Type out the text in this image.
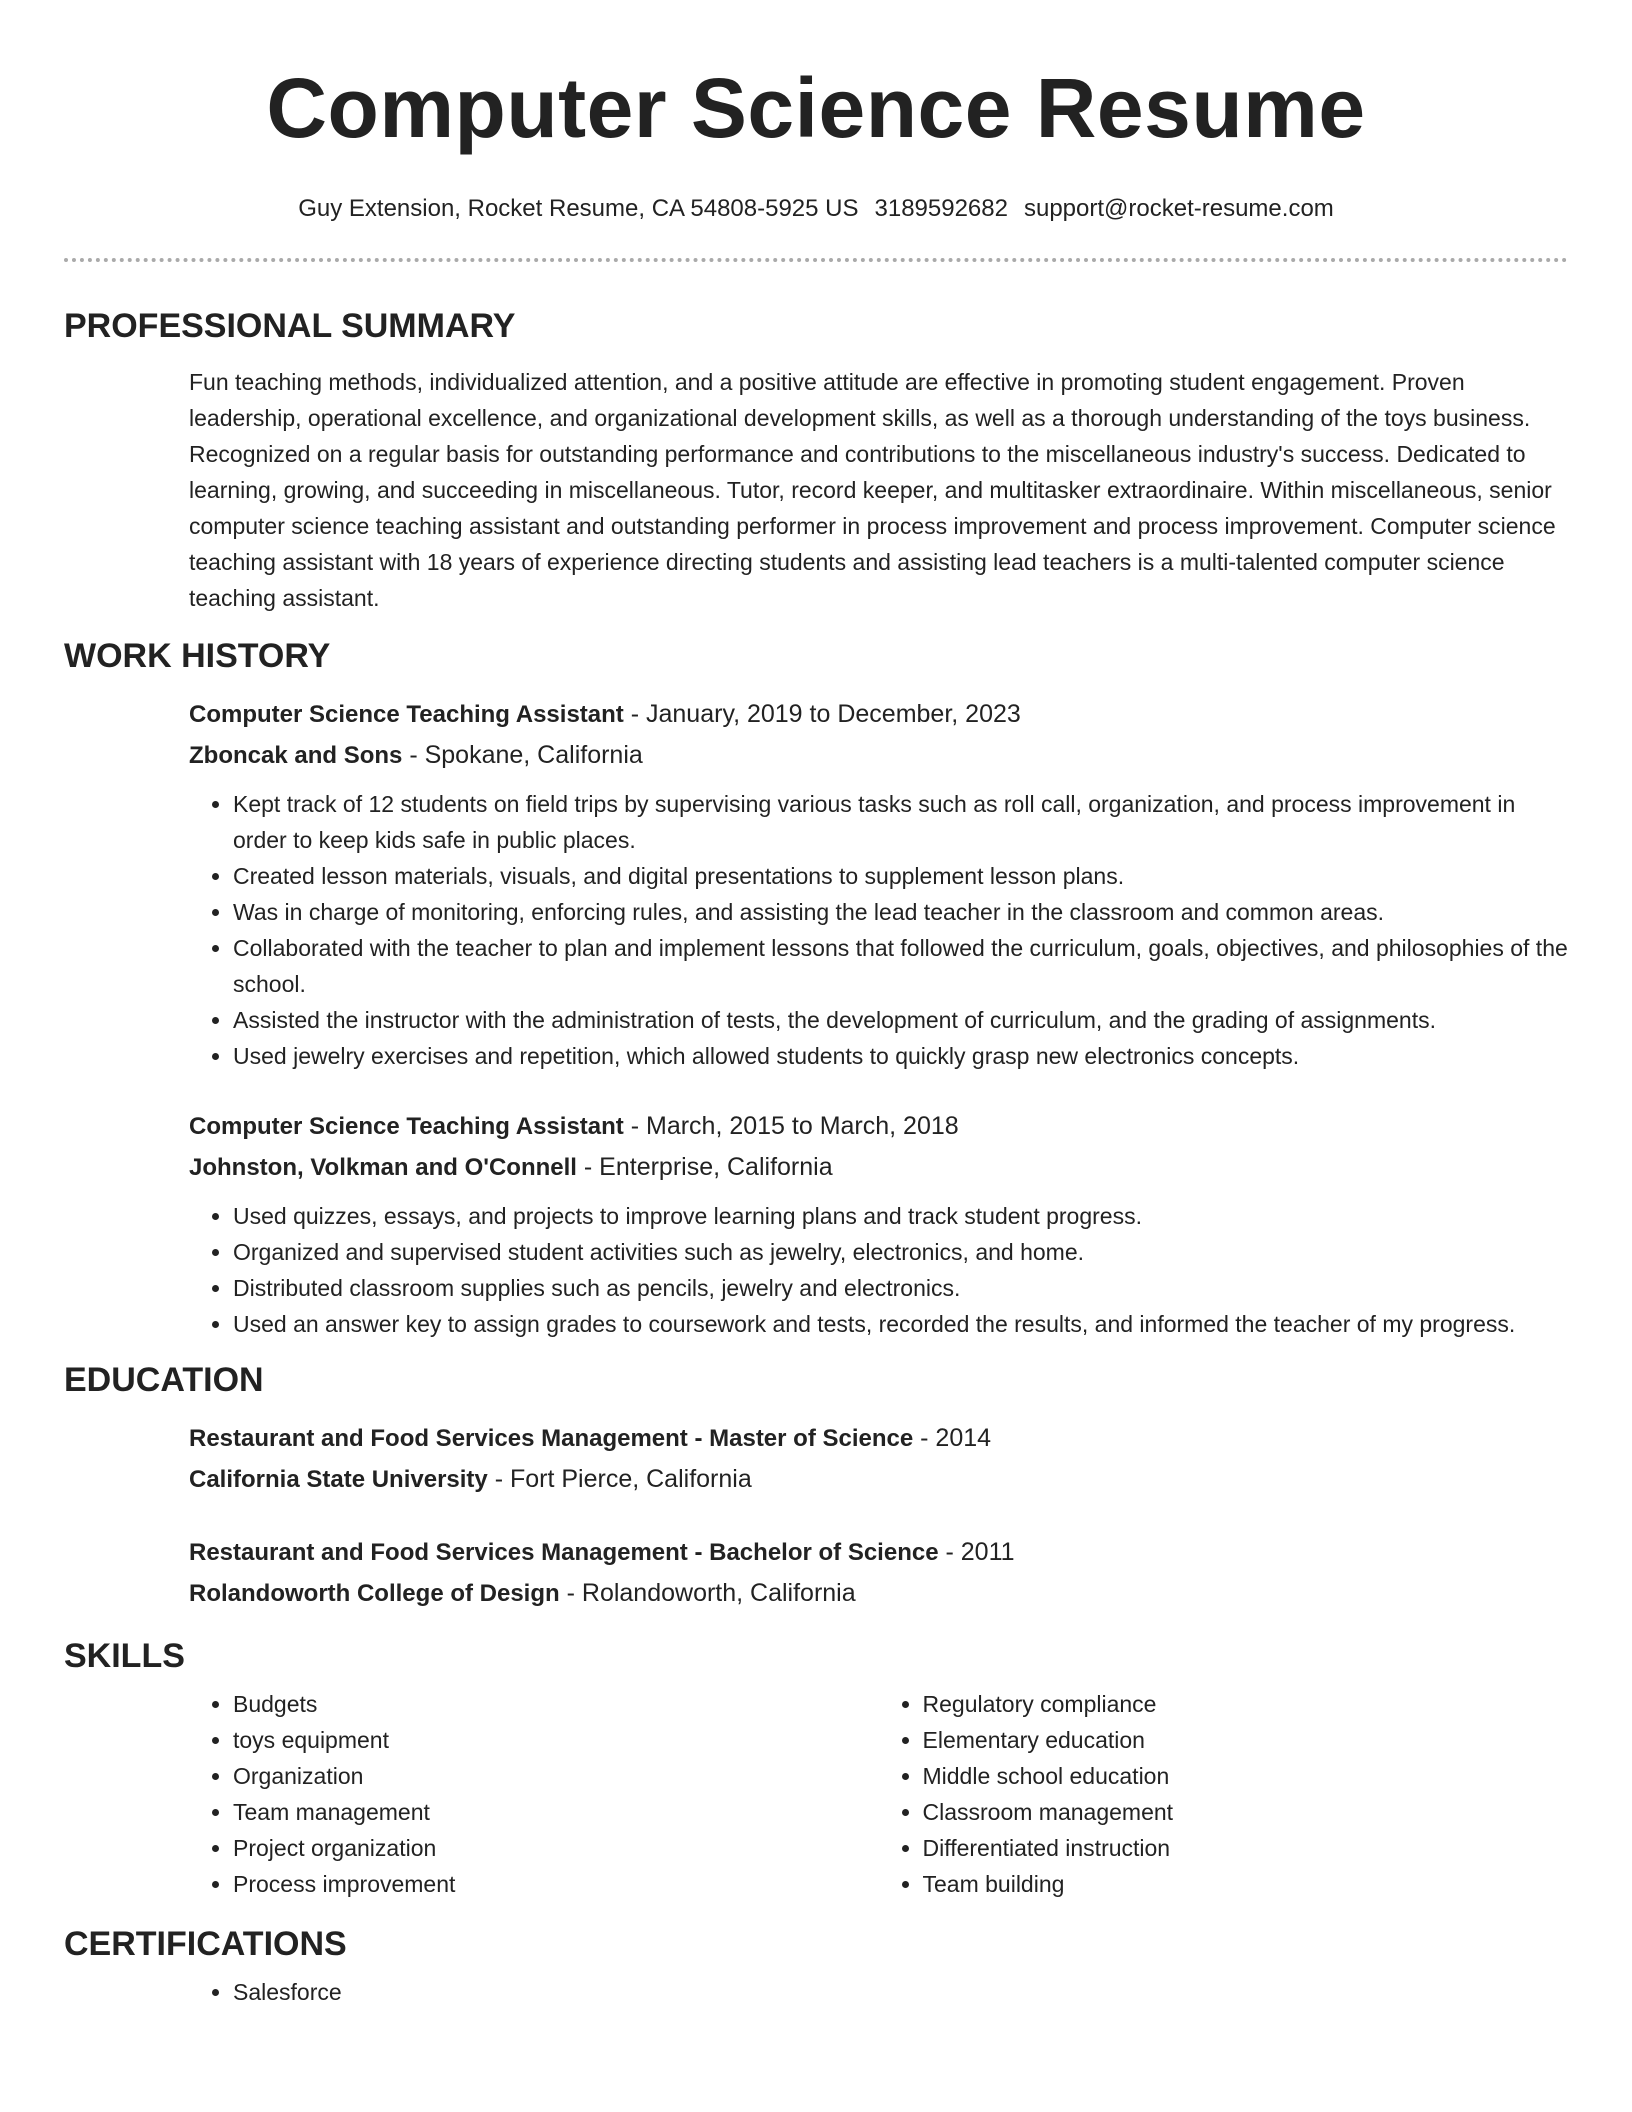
Computer Science Resume
Guy Extension, Rocket Resume, CA 54808-5925 US 3189592682 support@rocket-resume.com
PROFESSIONAL SUMMARY

Fun teaching methods, individualized attention, and a positive attitude are effective in promoting student engagement. Proven leadership, operational excellence, and organizational development skills, as well as a thorough understanding of the toys business. Recognized on a regular basis for outstanding performance and contributions to the miscellaneous industry's success. Dedicated to learning, growing, and succeeding in miscellaneous. Tutor, record keeper, and multitasker extraordinaire. Within miscellaneous, senior computer science teaching assistant and outstanding performer in process improvement and process improvement. Computer science teaching assistant with 18 years of experience directing students and assisting lead teachers is a multi-talented computer science teaching assistant.

WORK HISTORY
Computer Science Teaching Assistant - January, 2019 to December, 2023
Zboncak and Sons - Spokane, California
• Kept track of 12 students on field trips by supervising various tasks such as roll call, organization, and process improvement in order to keep kids safe in public places.
• Created lesson materials, visuals, and digital presentations to supplement lesson plans.
• Was in charge of monitoring, enforcing rules, and assisting the lead teacher in the classroom and common areas.
• Collaborated with the teacher to plan and implement lessons that followed the curriculum, goals, objectives, and philosophies of the school.
• Assisted the instructor with the administration of tests, the development of curriculum, and the grading of assignments.
• Used jewelry exercises and repetition, which allowed students to quickly grasp new electronics concepts.
Computer Science Teaching Assistant - March, 2015 to March, 2018
Johnston, Volkman and O'Connell - Enterprise, California
• Used quizzes, essays, and projects to improve learning plans and track student progress.
• Organized and supervised student activities such as jewelry, electronics, and home.
• Distributed classroom supplies such as pencils, jewelry and electronics.
• Used an answer key to assign grades to coursework and tests, recorded the results, and informed the teacher of my progress.
EDUCATION
Restaurant and Food Services Management - Master of Science - 2014
California State University - Fort Pierce, California
Restaurant and Food Services Management - Bachelor of Science - 2011
Rolandoworth College of Design - Rolandoworth, California
SKILLS
• Budgets
• toys equipment
• Organization
• Team management
• Project organization
• Process improvement
• Regulatory compliance
• Elementary education
• Middle school education
• Classroom management
• Differentiated instruction
• Team building
CERTIFICATIONS
• Salesforce
